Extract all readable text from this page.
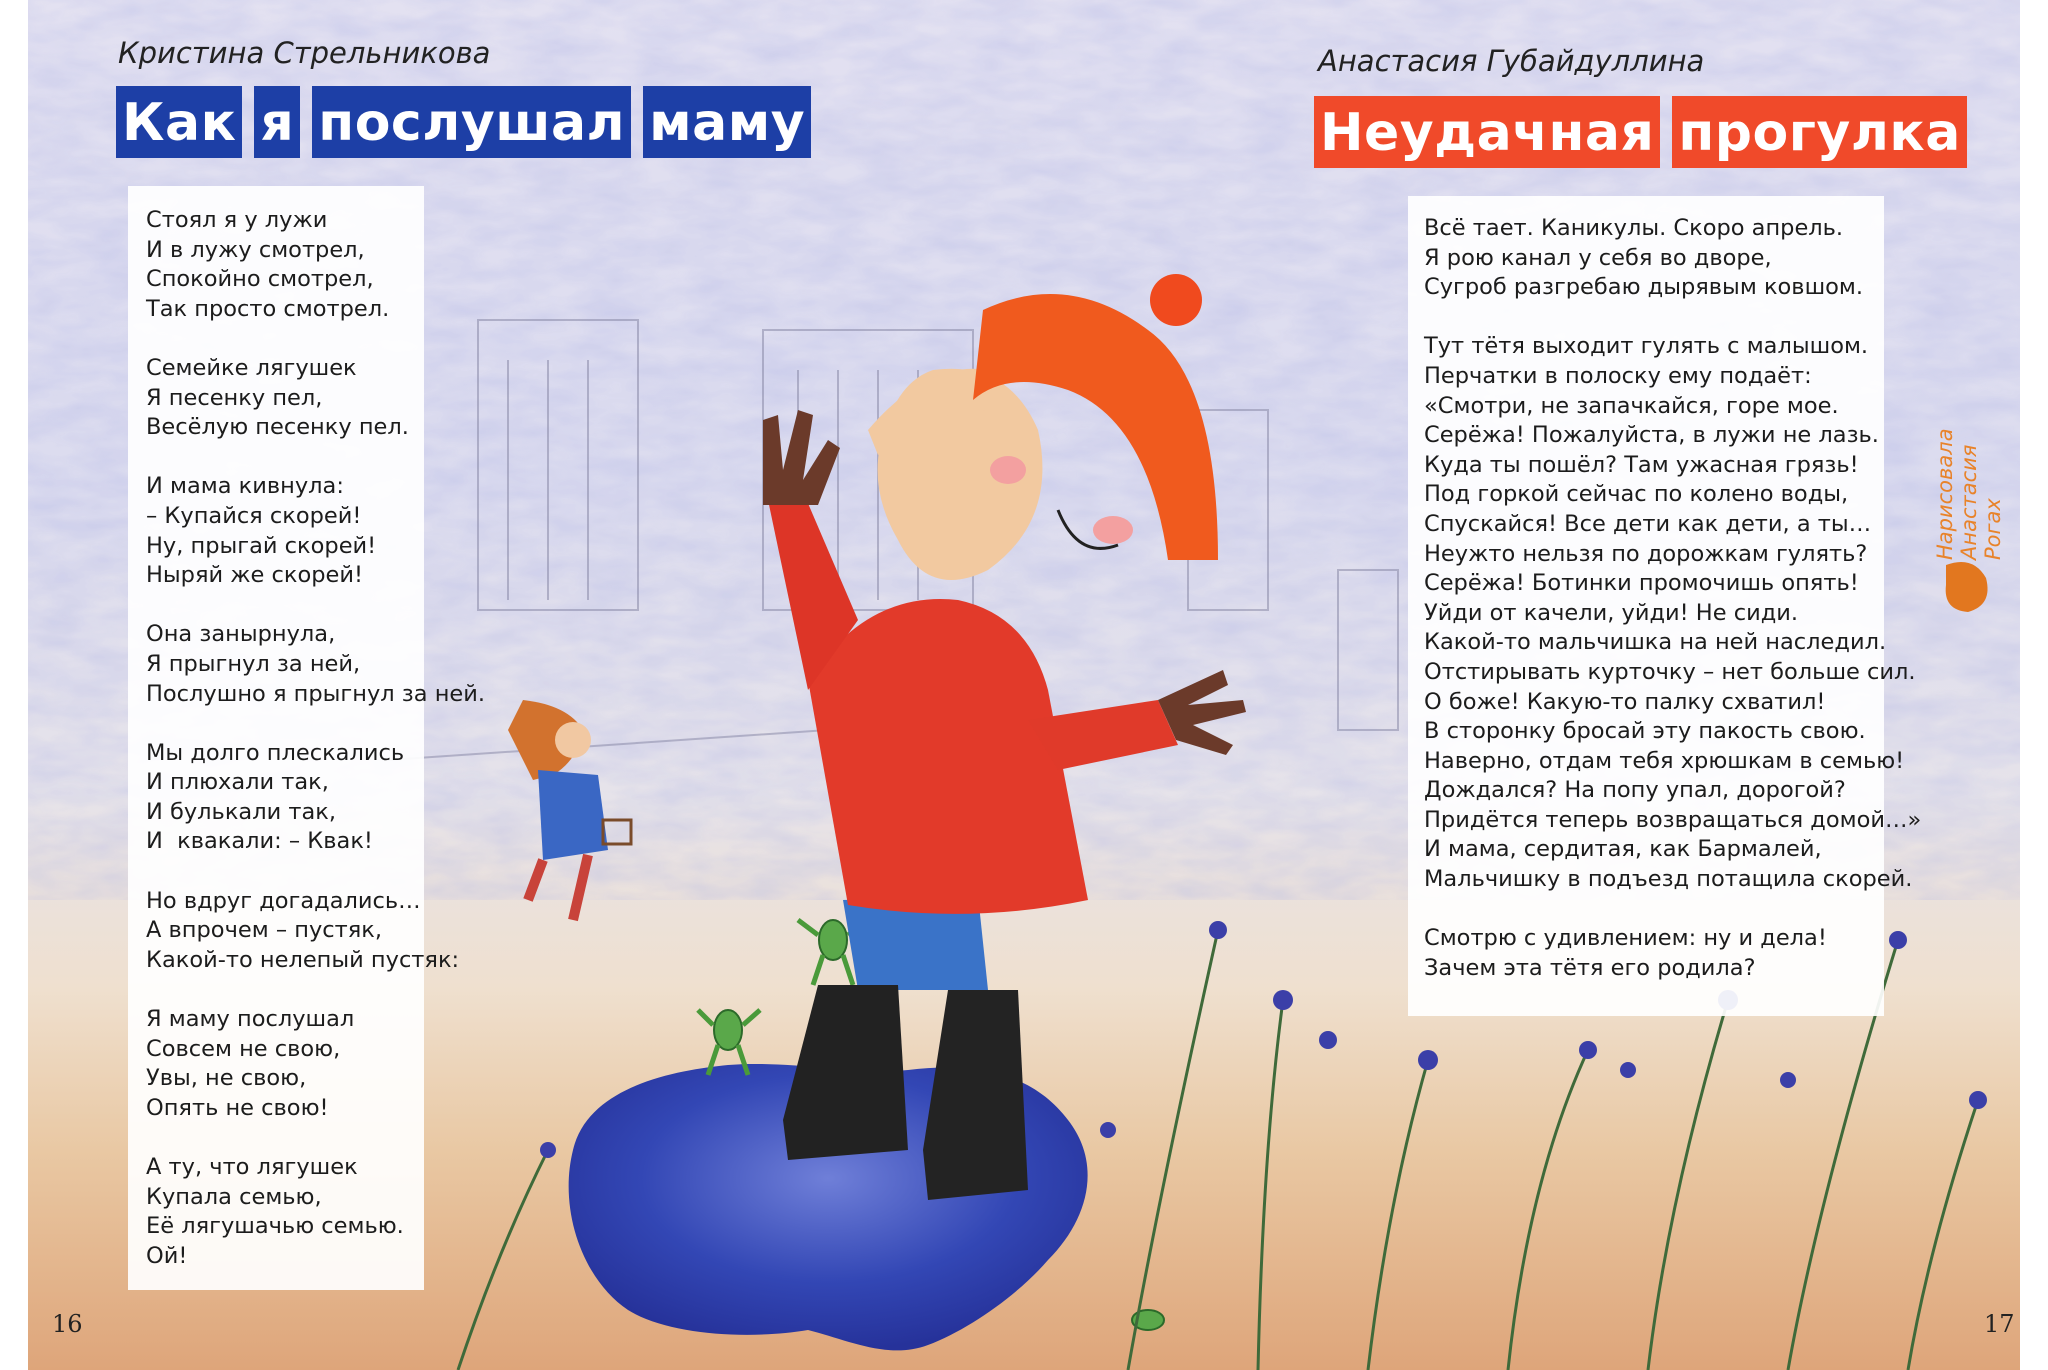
Кристина Стрельникова
Как я послушал маму
Стоял я у лужи
И в лужу смотрел,
Спокойно смотрел,
Так просто смотрел.
Семейке лягушек
Я песенку пел,
Весёлую песенку пел.
И мама кивнула:
– Купайся скорей!
Ну, прыгай скорей!
Ныряй же скорей!
Она занырнула,
Я прыгнул за ней,
Послушно я прыгнул за ней.
Мы долго плескались
И плюхали так,
И булькали так,
И  квакали: – Квак!
Но вдруг догадались…
А впрочем – пустяк,
Какой-то нелепый пустяк:
Я маму послушал
Совсем не свою,
Увы, не свою,
Опять не свою!
А ту, что лягушек
Купала семью,
Её лягушачью семью.
Ой!
16
Анастасия Губайдуллина
Неудачная прогулка
Всё тает. Каникулы. Скоро апрель.
Я рою канал у себя во дворе,
Сугроб разгребаю дырявым ковшом.
Тут тётя выходит гулять с малышом.
Перчатки в полоску ему подаёт:
«Смотри, не запачкайся, горе мое.
Серёжа! Пожалуйста, в лужи не лазь.
Куда ты пошёл? Там ужасная грязь!
Под горкой сейчас по колено воды,
Спускайся! Все дети как дети, а ты…
Неужто нельзя по дорожкам гулять?
Серёжа! Ботинки промочишь опять!
Уйди от качели, уйди! Не сиди.
Какой-то мальчишка на ней наследил.
Отстирывать курточку – нет больше сил.
О боже! Какую-то палку схватил!
В сторонку бросай эту пакость свою.
Наверно, отдам тебя хрюшкам в семью!
Дождался? На попу упал, дорогой?
Придётся теперь возвращаться домой…»
И мама, сердитая, как Бармалей,
Мальчишку в подъезд потащила скорей.
Смотрю с удивлением: ну и дела!
Зачем эта тётя его родила?
17
Нарисовала Анастасия Рогах
